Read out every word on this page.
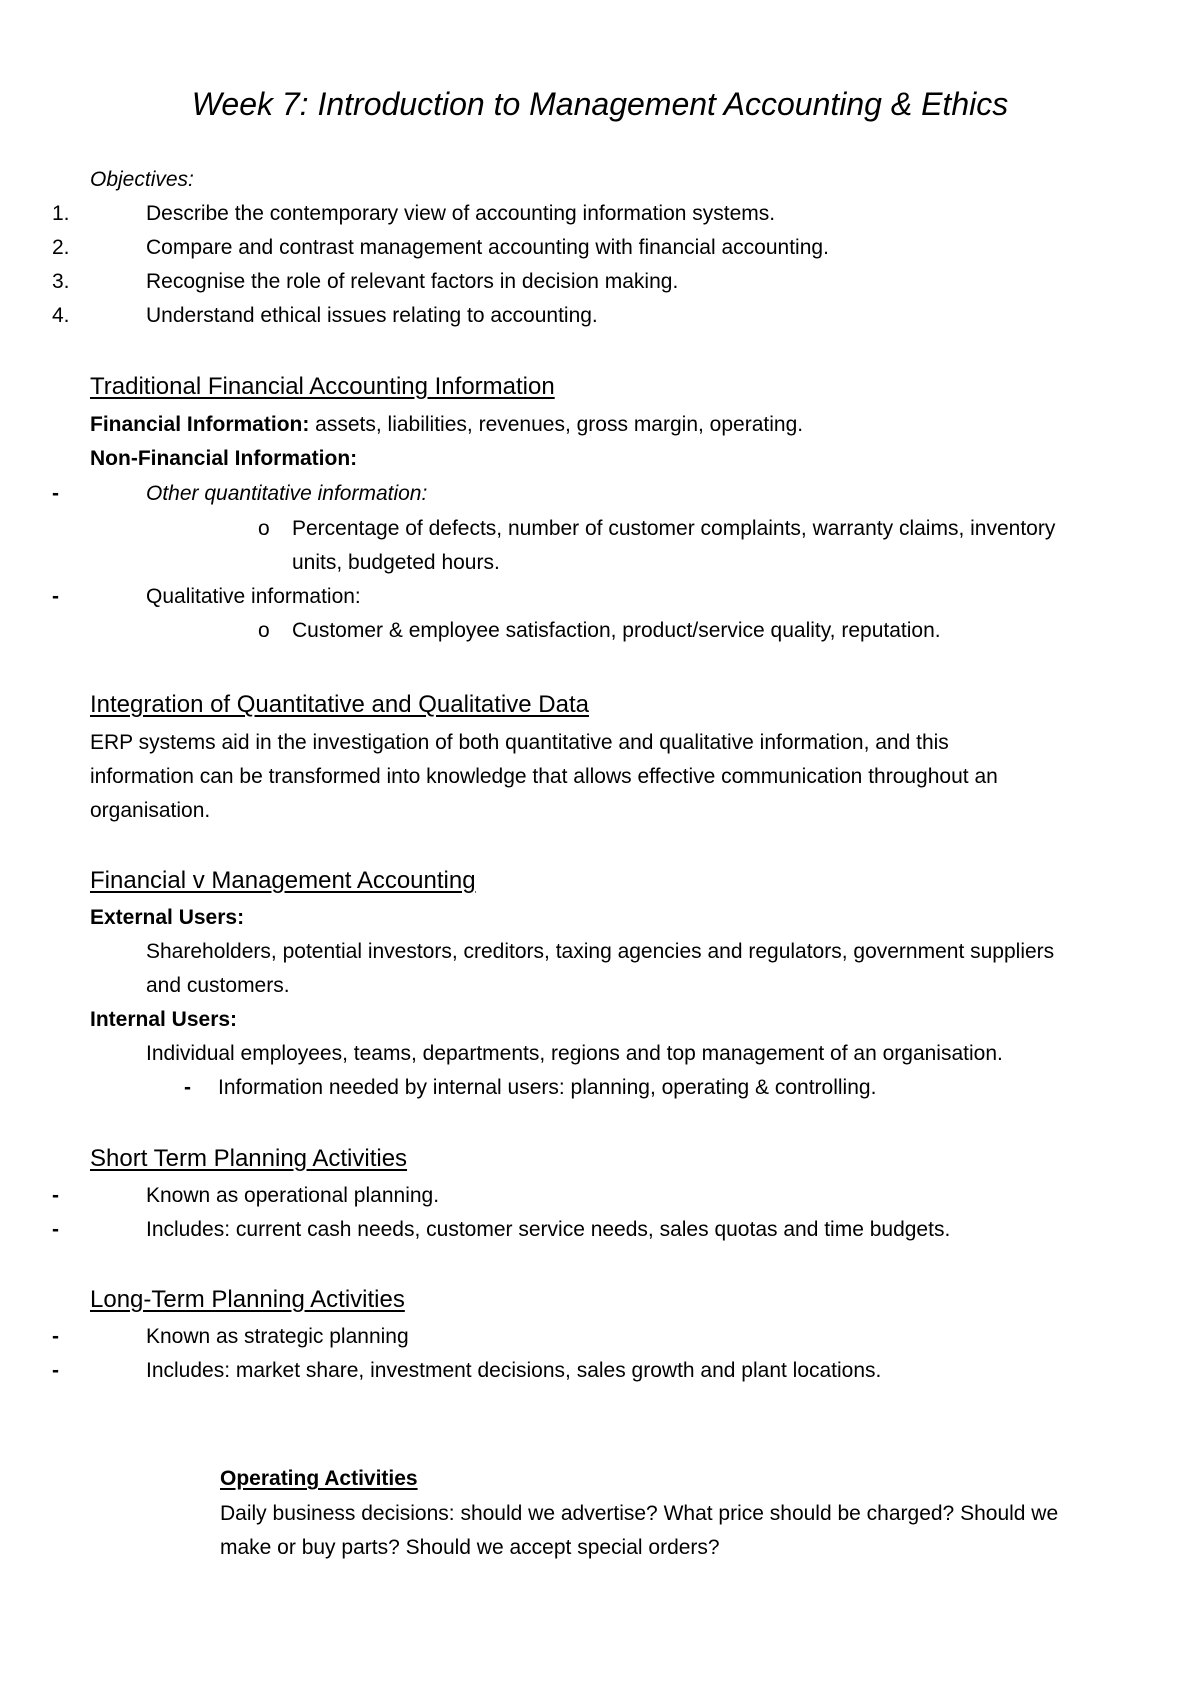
Week 7: Introduction to Management Accounting & Ethics
Objectives:
1.	Describe the contemporary view of accounting information systems.
2.	Compare and contrast management accounting with financial accounting.
3.	Recognise the role of relevant factors in decision making.
4.	Understand ethical issues relating to accounting.
Traditional Financial Accounting Information
Financial Information: assets, liabilities, revenues, gross margin, operating.
Non-Financial Information:
-	Other quantitative information:
o Percentage of defects, number of customer complaints, warranty claims, inventory
units, budgeted hours.
-	Qualitative information:
o Customer & employee satisfaction, product/service quality, reputation.
Integration of Quantitative and Qualitative Data
ERP systems aid in the investigation of both quantitative and qualitative information, and this
information can be transformed into knowledge that allows effective communication throughout an
organisation.
Financial v Management Accounting
External Users:
Shareholders, potential investors, creditors, taxing agencies and regulators, government suppliers
and customers.
Internal Users:
Individual employees, teams, departments, regions and top management of an organisation.
- Information needed by internal users: planning, operating & controlling.
Short Term Planning Activities
-	Known as operational planning.
-	Includes: current cash needs, customer service needs, sales quotas and time budgets.
Long-Term Planning Activities
-	Known as strategic planning
-	Includes: market share, investment decisions, sales growth and plant locations.
Operating Activities
Daily business decisions: should we advertise? What price should be charged? Should we
make or buy parts? Should we accept special orders?
